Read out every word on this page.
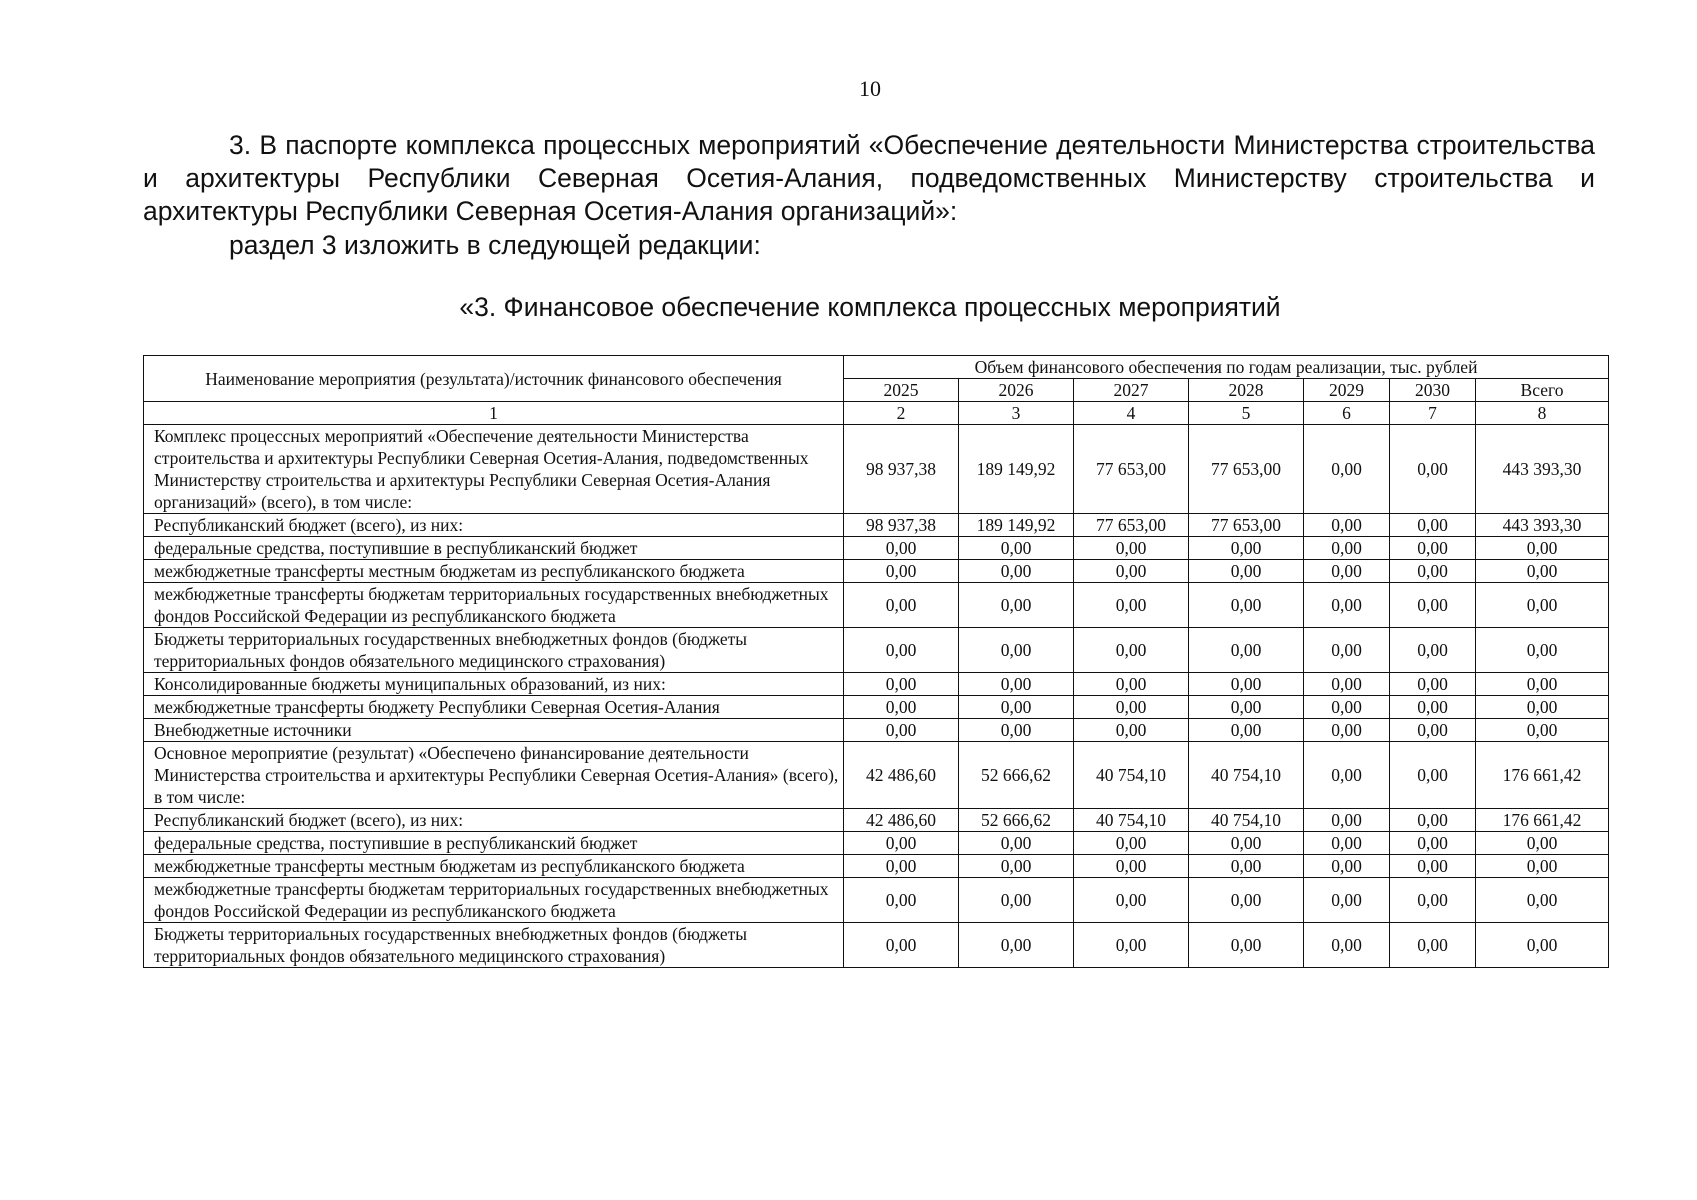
10
3. В паспорте комплекса процессных мероприятий «Обеспечение деятельности Министерства строительства и архитектуры Республики Северная Осетия-Алания, подведомственных Министерству строительства и архитектуры Республики Северная Осетия-Алания организаций»:
раздел 3 изложить в следующей редакции:
«3. Финансовое обеспечение комплекса процессных мероприятий
Наименование мероприятия (результата)/источник финансового обеспечения	Объем финансового обеспечения по годам реализации, тыс. рублей						
	2025	2026	2027	2028	2029	2030	Всего
1	2	3	4	5	6	7	8
Комплекс процессных мероприятий «Обеспечение деятельности Министерства строительства и архитектуры Республики Северная Осетия-Алания, подведомственных Министерству строительства и архитектуры Республики Северная Осетия-Алания организаций» (всего), в том числе:	98 937,38	189 149,92	77 653,00	77 653,00	0,00	0,00	443 393,30
Республиканский бюджет (всего), из них:	98 937,38	189 149,92	77 653,00	77 653,00	0,00	0,00	443 393,30
федеральные средства, поступившие в республиканский бюджет	0,00	0,00	0,00	0,00	0,00	0,00	0,00
межбюджетные трансферты местным бюджетам из республиканского бюджета	0,00	0,00	0,00	0,00	0,00	0,00	0,00
межбюджетные трансферты бюджетам территориальных государственных внебюджетных фондов Российской Федерации из республиканского бюджета	0,00	0,00	0,00	0,00	0,00	0,00	0,00
Бюджеты территориальных государственных внебюджетных фондов (бюджеты территориальных фондов обязательного медицинского страхования)	0,00	0,00	0,00	0,00	0,00	0,00	0,00
Консолидированные бюджеты муниципальных образований, из них:	0,00	0,00	0,00	0,00	0,00	0,00	0,00
межбюджетные трансферты бюджету Республики Северная Осетия-Алания	0,00	0,00	0,00	0,00	0,00	0,00	0,00
Внебюджетные источники	0,00	0,00	0,00	0,00	0,00	0,00	0,00
Основное мероприятие (результат) «Обеспечено финансирование деятельности Министерства строительства и архитектуры Республики Северная Осетия-Алания» (всего), в том числе:	42 486,60	52 666,62	40 754,10	40 754,10	0,00	0,00	176 661,42
Республиканский бюджет (всего), из них:	42 486,60	52 666,62	40 754,10	40 754,10	0,00	0,00	176 661,42
федеральные средства, поступившие в республиканский бюджет	0,00	0,00	0,00	0,00	0,00	0,00	0,00
межбюджетные трансферты местным бюджетам из республиканского бюджета	0,00	0,00	0,00	0,00	0,00	0,00	0,00
межбюджетные трансферты бюджетам территориальных государственных внебюджетных фондов Российской Федерации из республиканского бюджета	0,00	0,00	0,00	0,00	0,00	0,00	0,00
Бюджеты территориальных государственных внебюджетных фондов (бюджеты территориальных фондов обязательного медицинского страхования)	0,00	0,00	0,00	0,00	0,00	0,00	0,00
